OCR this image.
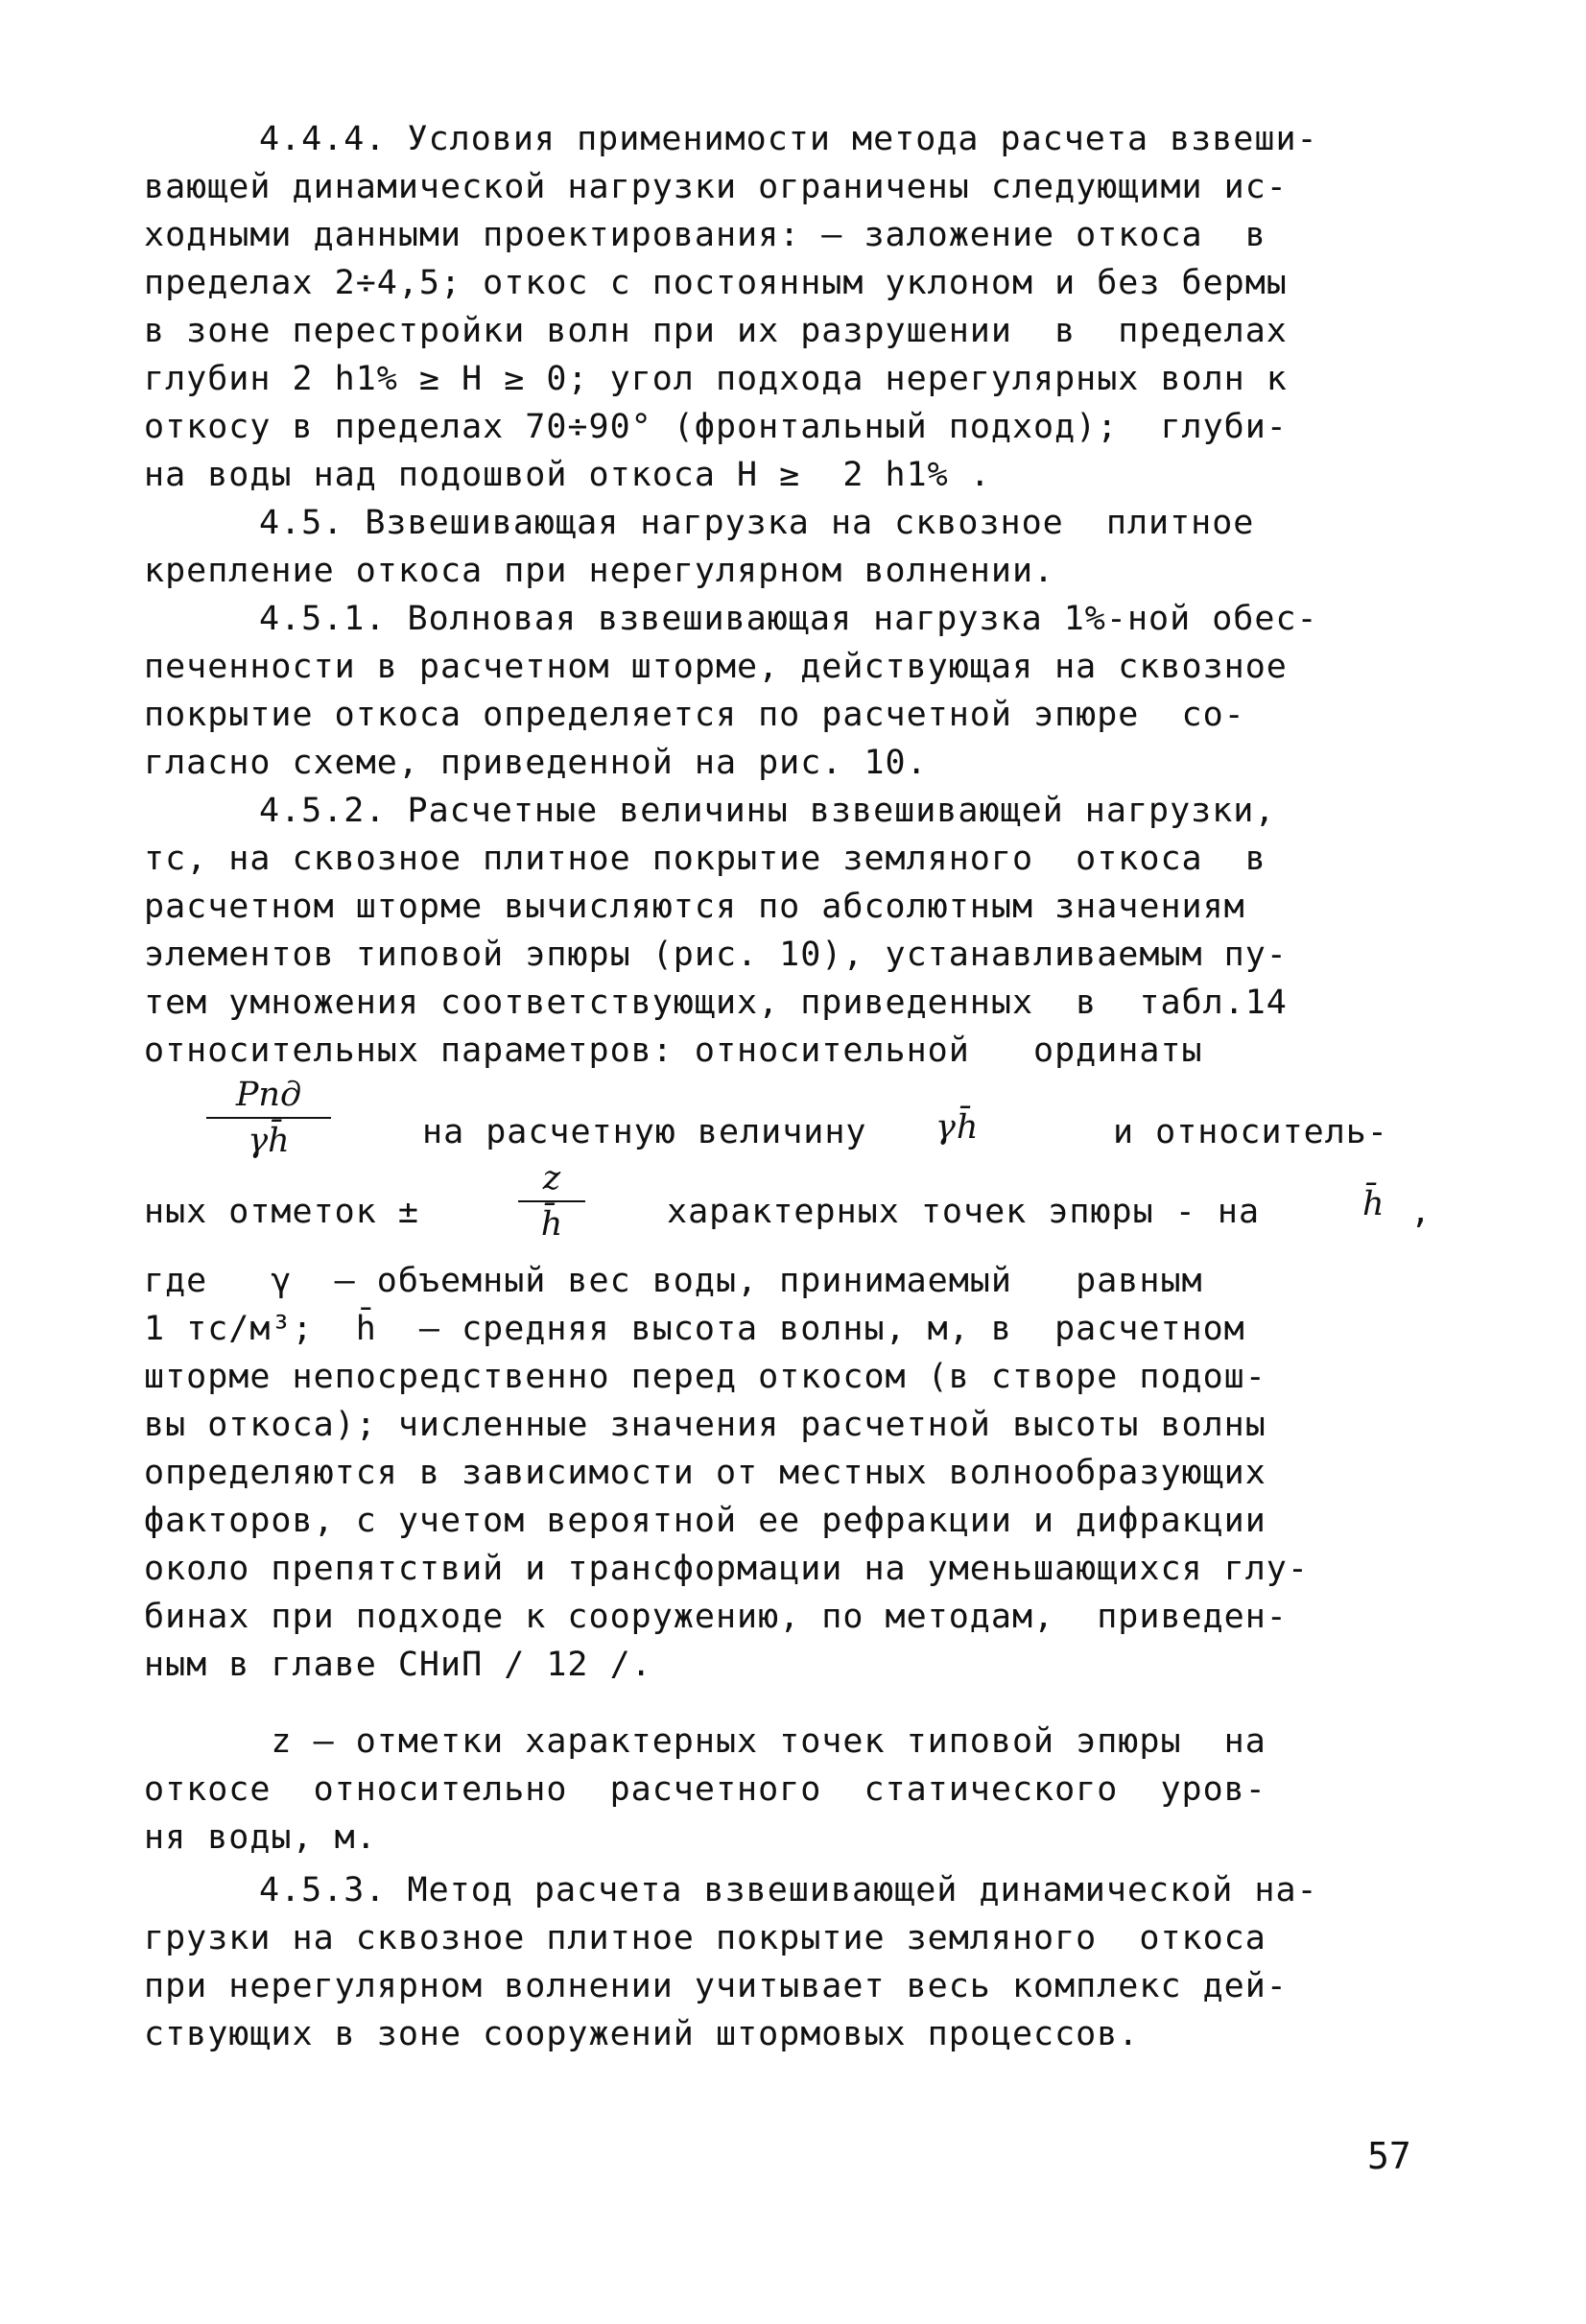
4.4.4. Условия применимости метода расчета взвеши-
вающей динамической нагрузки ограничены следующими ис-
ходными данными проектирования: – заложение откоса  в
пределах 2÷4,5; откос с постоянным уклоном и без бермы
в зоне перестройки волн при их разрушении  в  пределах
глубин 2 h1% ≥ H ≥ 0; угол подхода нерегулярных волн к
откосу в пределах 70÷90° (фронтальный подход);  глуби-
на воды над подошвой откоса H ≥  2 h1% .
4.5. Взвешивающая нагрузка на сквозное  плитное
крепление откоса при нерегулярном волнении.
4.5.1. Волновая взвешивающая нагрузка 1%-ной обес-
печенности в расчетном шторме, действующая на сквозное
покрытие откоса определяется по расчетной эпюре  со-
гласно схеме, приведенной на рис. 10.
4.5.2. Расчетные величины взвешивающей нагрузки,
тс, на сквозное плитное покрытие земляного  откоса  в
расчетном шторме вычисляются по абсолютным значениям
элементов типовой эпюры (рис. 10), устанавливаемым пу-
тем умножения соответствующих, приведенных  в  табл.14
относительных параметров: относительной   ординаты
Pпд
γh̄	на расчетную величину γh̄	и относитель-
ных отметок ±
z
h̄	характерных точек эпюры - на	h̄ ,
где   γ  – объемный вес воды, принимаемый   равным
1 тс/м³;  h̄  – средняя высота волны, м, в  расчетном
шторме непосредственно перед откосом (в створе подош-
вы откоса); численные значения расчетной высоты волны
определяются в зависимости от местных волнообразующих
факторов, с учетом вероятной ее рефракции и дифракции
около препятствий и трансформации на уменьшающихся глу-
бинах при подходе к сооружению, по методам,  приведен-
ным в главе СНиП / 12 /.
z – отметки характерных точек типовой эпюры  на
откосе  относительно  расчетного  статического  уров-
ня воды, м.
4.5.3. Метод расчета взвешивающей динамической на-
грузки на сквозное плитное покрытие земляного  откоса
при нерегулярном волнении учитывает весь комплекс дей-
ствующих в зоне сооружений штормовых процессов.
57
